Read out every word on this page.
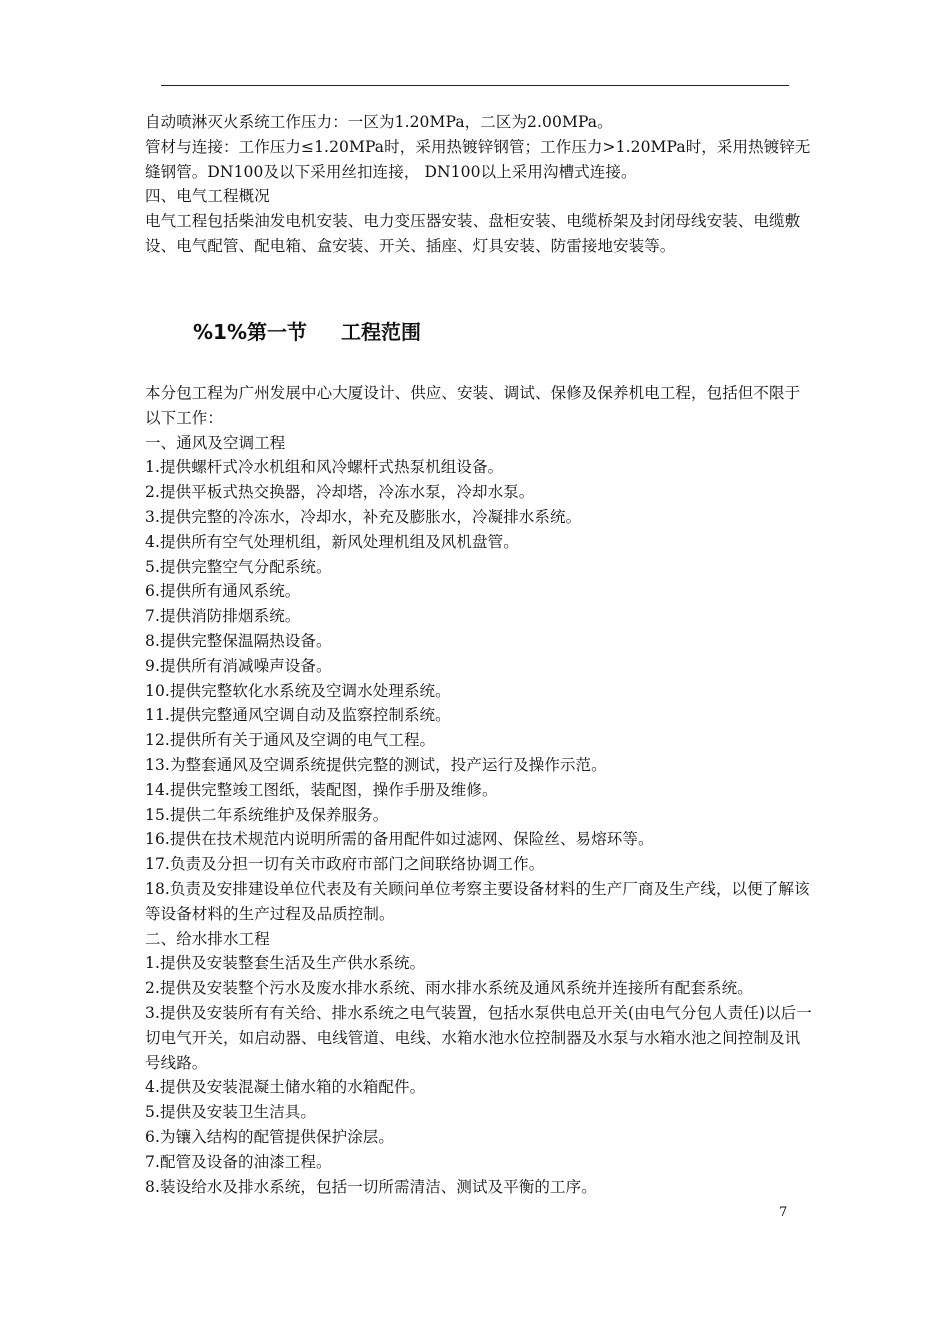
自动喷淋灭火系统工作压力：一区为1.20MPa，二区为2.00MPa。

管材与连接：工作压力≤1.20MPa时，采用热镀锌钢管；工作压力>1.20MPa时，采用热镀锌无缝钢管。DN100及以下采用丝扣连接， DN100以上采用沟槽式连接。

四、电气工程概况

电气工程包括柴油发电机安装、电力变压器安装、盘柜安装、电缆桥架及封闭母线安装、电缆敷设、电气配管、配电箱、盒安装、开关、插座、灯具安装、防雷接地安装等。

%1%第一节 工程范围

本分包工程为广州发展中心大厦设计、供应、安装、调试、保修及保养机电工程，包括但不限于以下工作：

一、通风及空调工程

1.提供螺杆式冷水机组和风冷螺杆式热泵机组设备。

2.提供平板式热交换器，冷却塔，冷冻水泵，冷却水泵。

3.提供完整的冷冻水，冷却水，补充及膨胀水，冷凝排水系统。

4.提供所有空气处理机组，新风处理机组及风机盘管。

5.提供完整空气分配系统。

6.提供所有通风系统。

7.提供消防排烟系统。

8.提供完整保温隔热设备。

9.提供所有消减噪声设备。

10.提供完整软化水系统及空调水处理系统。

11.提供完整通风空调自动及监察控制系统。

12.提供所有关于通风及空调的电气工程。

13.为整套通风及空调系统提供完整的测试，投产运行及操作示范。

14.提供完整竣工图纸，装配图，操作手册及维修。

15.提供二年系统维护及保养服务。

16.提供在技术规范内说明所需的备用配件如过滤网、保险丝、易熔环等。

17.负责及分担一切有关市政府市部门之间联络协调工作。

18.负责及安排建设单位代表及有关顾问单位考察主要设备材料的生产厂商及生产线，以便了解该等设备材料的生产过程及品质控制。

二、给水排水工程

1.提供及安装整套生活及生产供水系统。

2.提供及安装整个污水及废水排水系统、雨水排水系统及通风系统并连接所有配套系统。

3.提供及安装所有有关给、排水系统之电气装置，包括水泵供电总开关(由电气分包人责任)以后一切电气开关，如启动器、电线管道、电线、水箱水池水位控制器及水泵与水箱水池之间控制及讯号线路。

4.提供及安装混凝土储水箱的水箱配件。

5.提供及安装卫生洁具。

6.为镶入结构的配管提供保护涂层。

7.配管及设备的油漆工程。

8.装设给水及排水系统，包括一切所需清洁、测试及平衡的工序。

7
